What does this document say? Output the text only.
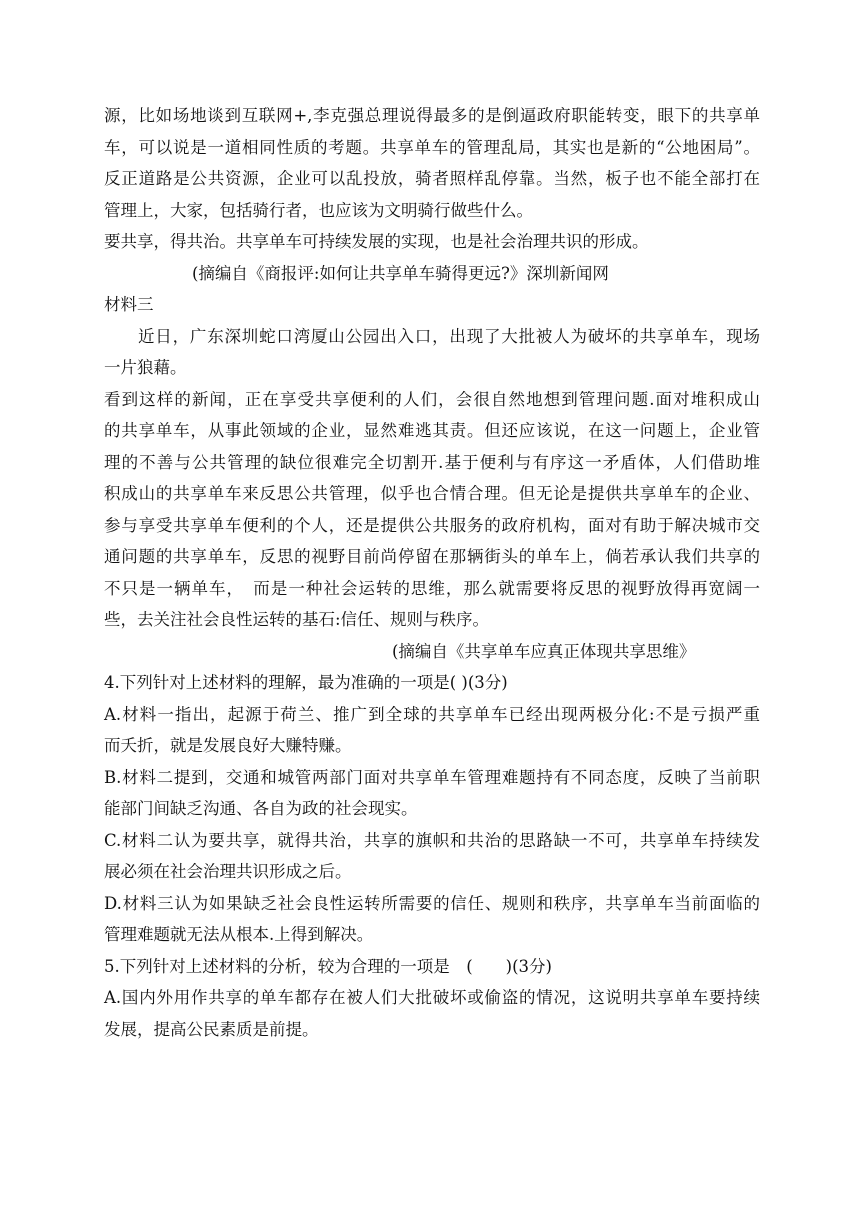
源，比如场地谈到互联网+,李克强总理说得最多的是倒逼政府职能转变，眼下的共享单
车，可以说是一道相同性质的考题。共享单车的管理乱局，其实也是新的“公地困局”。
反正道路是公共资源，企业可以乱投放，骑者照样乱停靠。当然，板子也不能全部打在
管理上，大家，包括骑行者，也应该为文明骑行做些什么。
要共享，得共治。共享单车可持续发展的实现，也是社会治理共识的形成。
(摘编自《商报评:如何让共享单车骑得更远?》深圳新闻网
材料三
近日，广东深圳蛇口湾厦山公园出入口，出现了大批被人为破坏的共享单车，现场
一片狼藉。
看到这样的新闻，正在享受共享便利的人们，会很自然地想到管理问题.面对堆积成山
的共享单车，从事此领域的企业，显然难逃其责。但还应该说，在这一问题上，企业管
理的不善与公共管理的缺位很难完全切割开.基于便利与有序这一矛盾体，人们借助堆
积成山的共享单车来反思公共管理，似乎也合情合理。但无论是提供共享单车的企业、
参与享受共享单车便利的个人，还是提供公共服务的政府机构，面对有助于解决城市交
通问题的共享单车，反思的视野目前尚停留在那辆街头的单车上，倘若承认我们共享的
不只是一辆单车，　而是一种社会运转的思维，那么就需要将反思的视野放得再宽阔一
些，去关注社会良性运转的基石:信任、规则与秩序。
(摘编自《共享单车应真正体现共享思维》
4.下列针对上述材料的理解，最为准确的一项是( )(3分)
A.材料一指出，起源于荷兰、推广到全球的共享单车已经出现两极分化:不是亏损严重
而夭折，就是发展良好大赚特赚。
B.材料二提到，交通和城管两部门面对共享单车管理难题持有不同态度，反映了当前职
能部门间缺乏沟通、各自为政的社会现实。
C.材料二认为要共享，就得共治，共享的旗帜和共治的思路缺一不可，共享单车持续发
展必须在社会治理共识形成之后。
D.材料三认为如果缺乏社会良性运转所需要的信任、规则和秩序，共享单车当前面临的
管理难题就无法从根本.上得到解决。
5.下列针对上述材料的分析，较为合理的一项是　(　　)(3分)
A.国内外用作共享的单车都存在被人们大批破坏或偷盗的情况，这说明共享单车要持续
发展，提高公民素质是前提。
